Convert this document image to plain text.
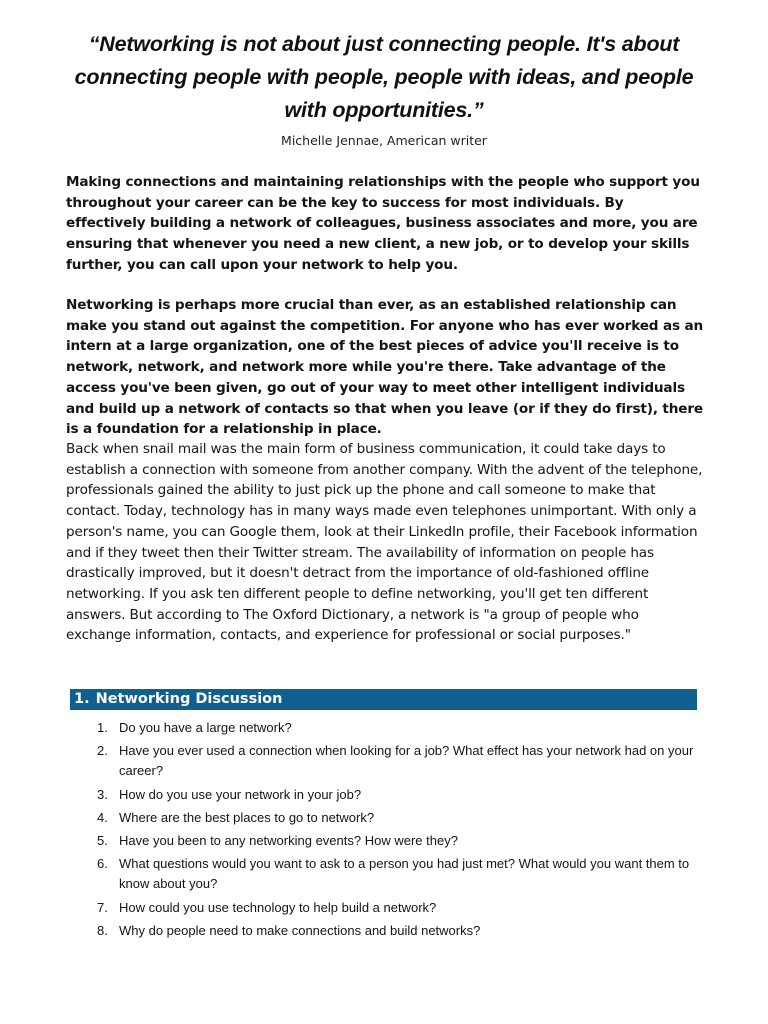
“Networking is not about just connecting people. It's about connecting people with people, people with ideas, and people with opportunities.”
Michelle Jennae, American writer

Making connections and maintaining relationships with the people who support you throughout your career can be the key to success for most individuals. By effectively building a network of colleagues, business associates and more, you are ensuring that whenever you need a new client, a new job, or to develop your skills further, you can call upon your network to help you.

Networking is perhaps more crucial than ever, as an established relationship can make you stand out against the competition. For anyone who has ever worked as an intern at a large organization, one of the best pieces of advice you'll receive is to network, network, and network more while you're there. Take advantage of the access you've been given, go out of your way to meet other intelligent individuals and build up a network of contacts so that when you leave (or if they do first), there is a foundation for a relationship in place.

Back when snail mail was the main form of business communication, it could take days to establish a connection with someone from another company. With the advent of the telephone, professionals gained the ability to just pick up the phone and call someone to make that contact. Today, technology has in many ways made even telephones unimportant. With only a person's name, you can Google them, look at their LinkedIn profile, their Facebook information and if they tweet then their Twitter stream. The availability of information on people has drastically improved, but it doesn't detract from the importance of old-fashioned offline networking. If you ask ten different people to define networking, you'll get ten different answers. But according to The Oxford Dictionary, a network is "a group of people who exchange information, contacts, and experience for professional or social purposes."

1. Networking Discussion
1. Do you have a large network?
2. Have you ever used a connection when looking for a job? What effect has your network had on your career?
3. How do you use your network in your job?
4. Where are the best places to go to network?
5. Have you been to any networking events? How were they?
6. What questions would you want to ask to a person you had just met? What would you want them to know about you?
7. How could you use technology to help build a network?
8. Why do people need to make connections and build networks?
